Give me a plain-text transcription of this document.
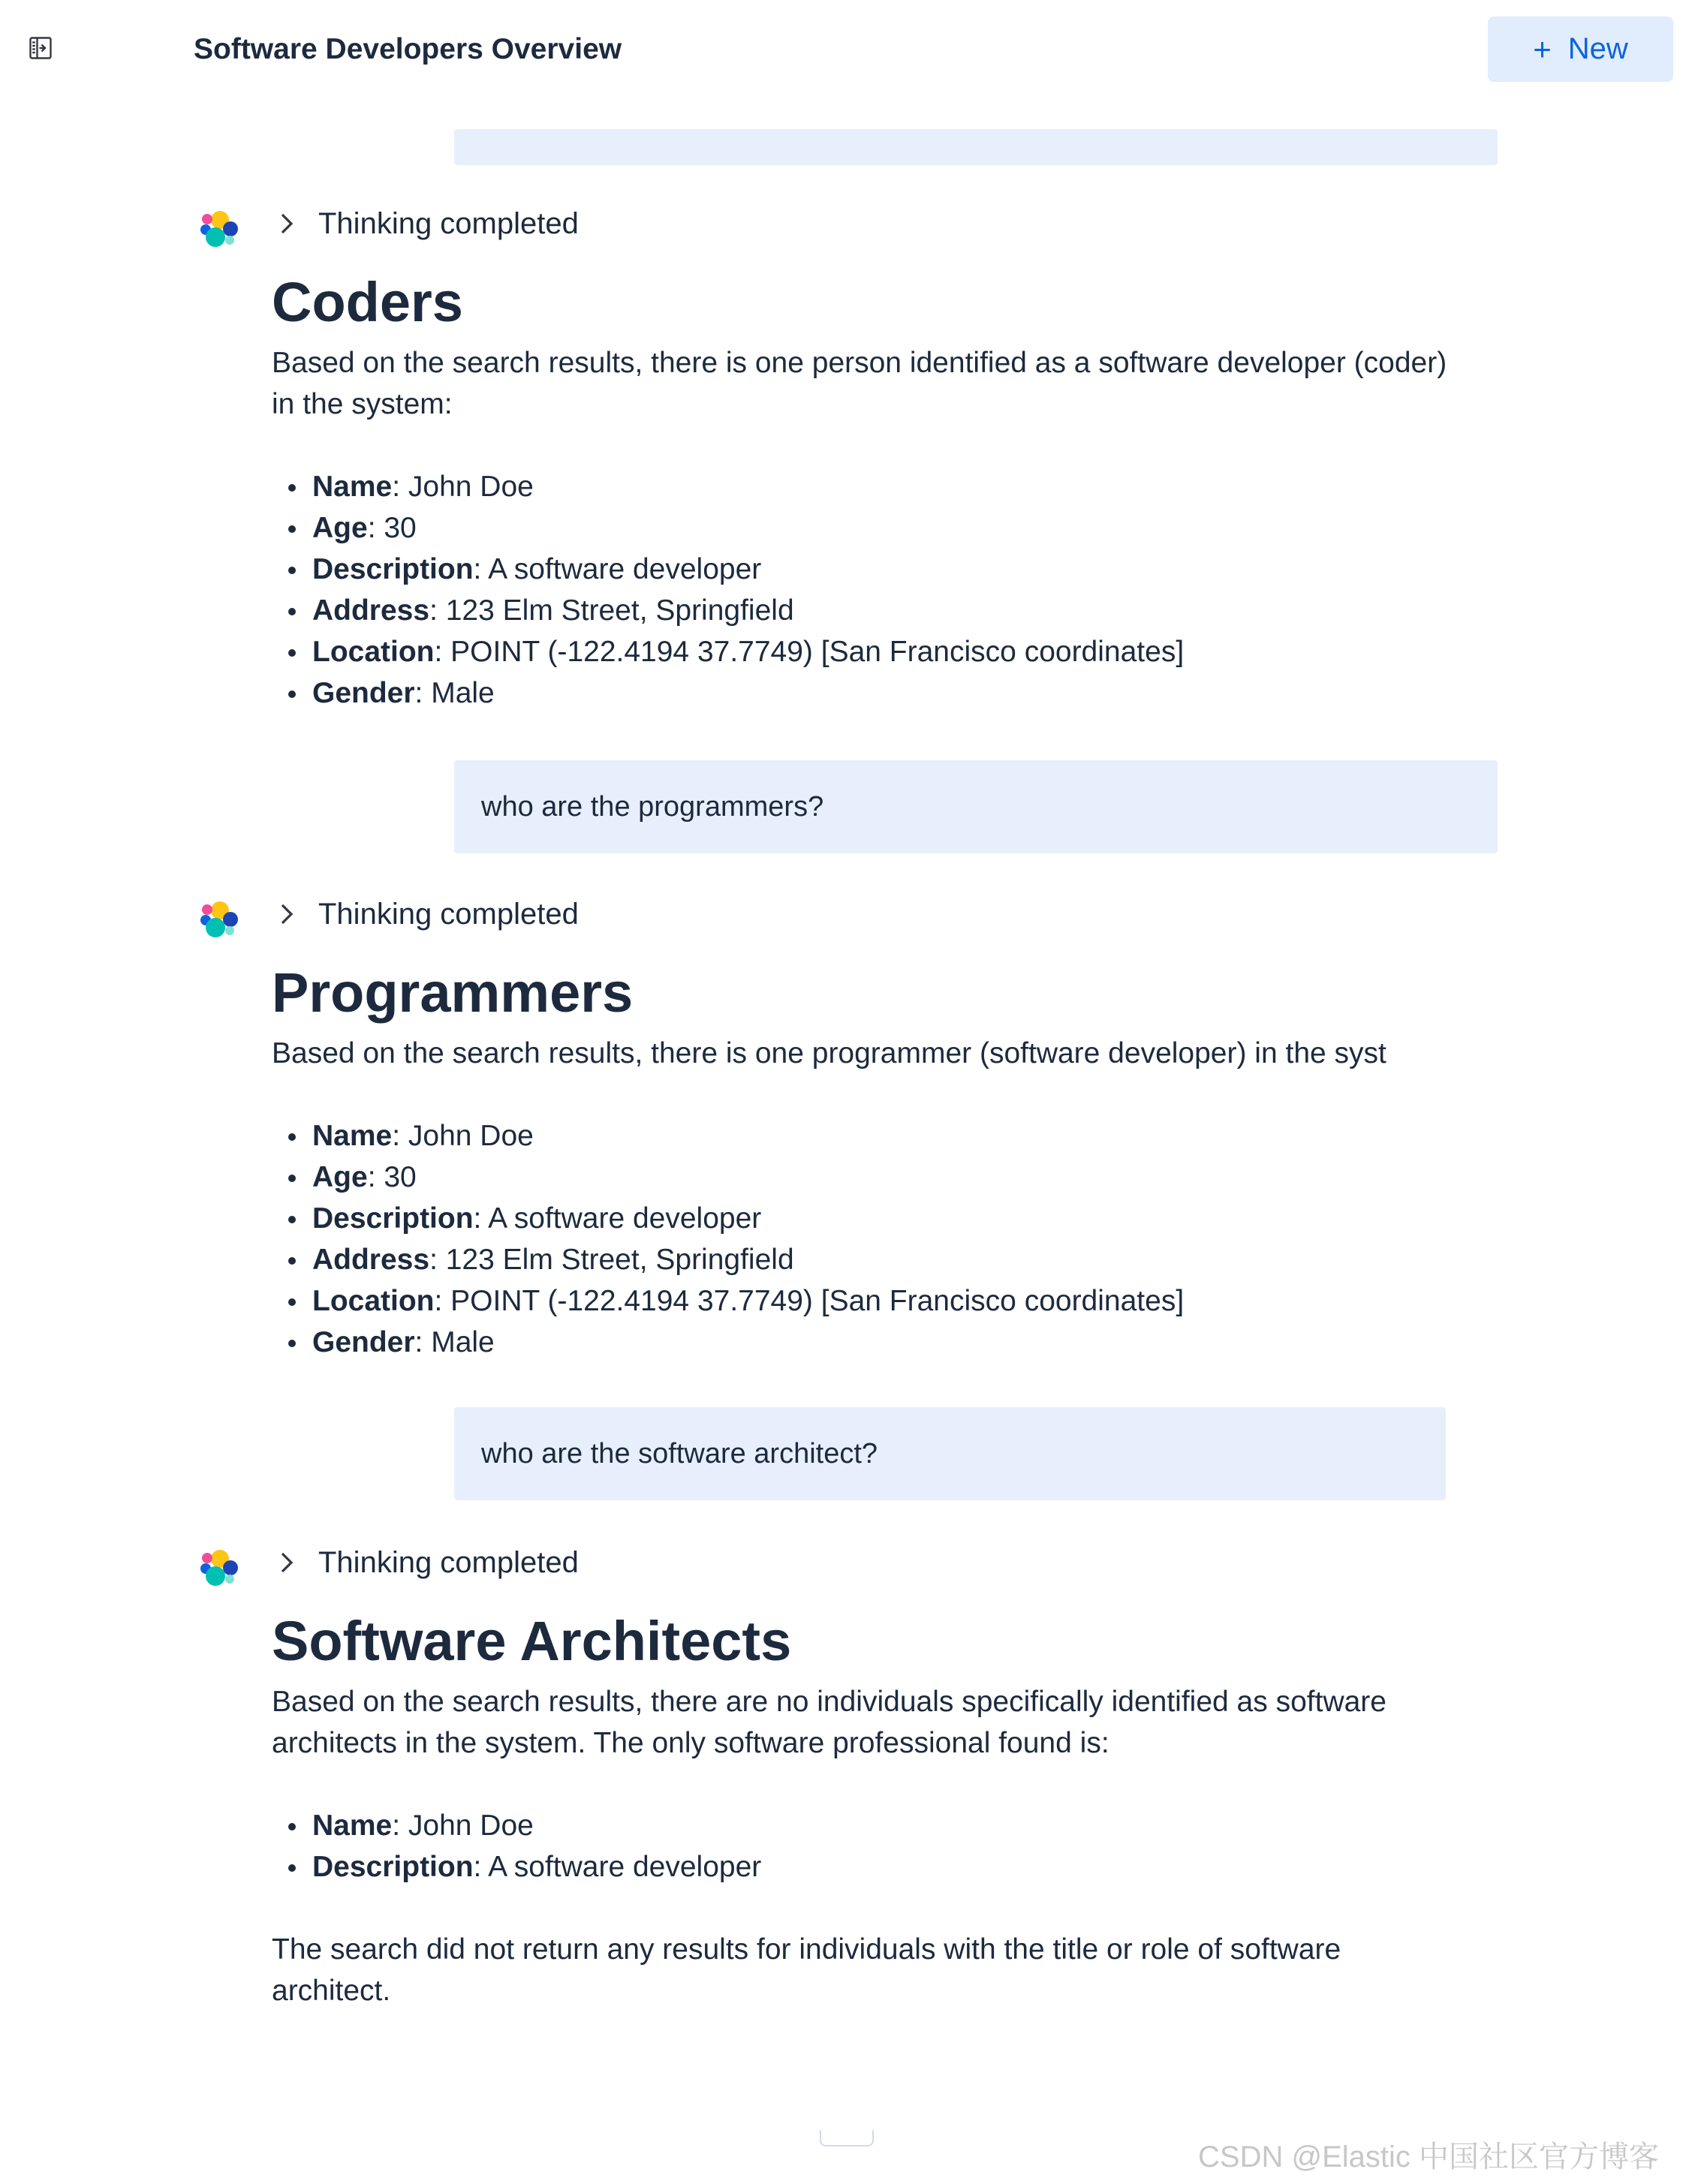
Software Developers Overview	+ New
Thinking completed
Coders

Based on the search results, there is one person identified as a software developer (coder) in the system:

Name: John Doe
Age: 30
Description: A software developer
Address: 123 Elm Street, Springfield
Location: POINT (-122.4194 37.7749) [San Francisco coordinates]
Gender: Male
who are the programmers?
Thinking completed
Programmers

Based on the search results, there is one programmer (software developer) in the syst

Name: John Doe
Age: 30
Description: A software developer
Address: 123 Elm Street, Springfield
Location: POINT (-122.4194 37.7749) [San Francisco coordinates]
Gender: Male
who are the software architect?
Thinking completed
Software Architects

Based on the search results, there are no individuals specifically identified as software architects in the system. The only software professional found is:

Name: John Doe
Description: A software developer

The search did not return any results for individuals with the title or role of software architect.

CSDN @Elastic 中国社区官方博客
